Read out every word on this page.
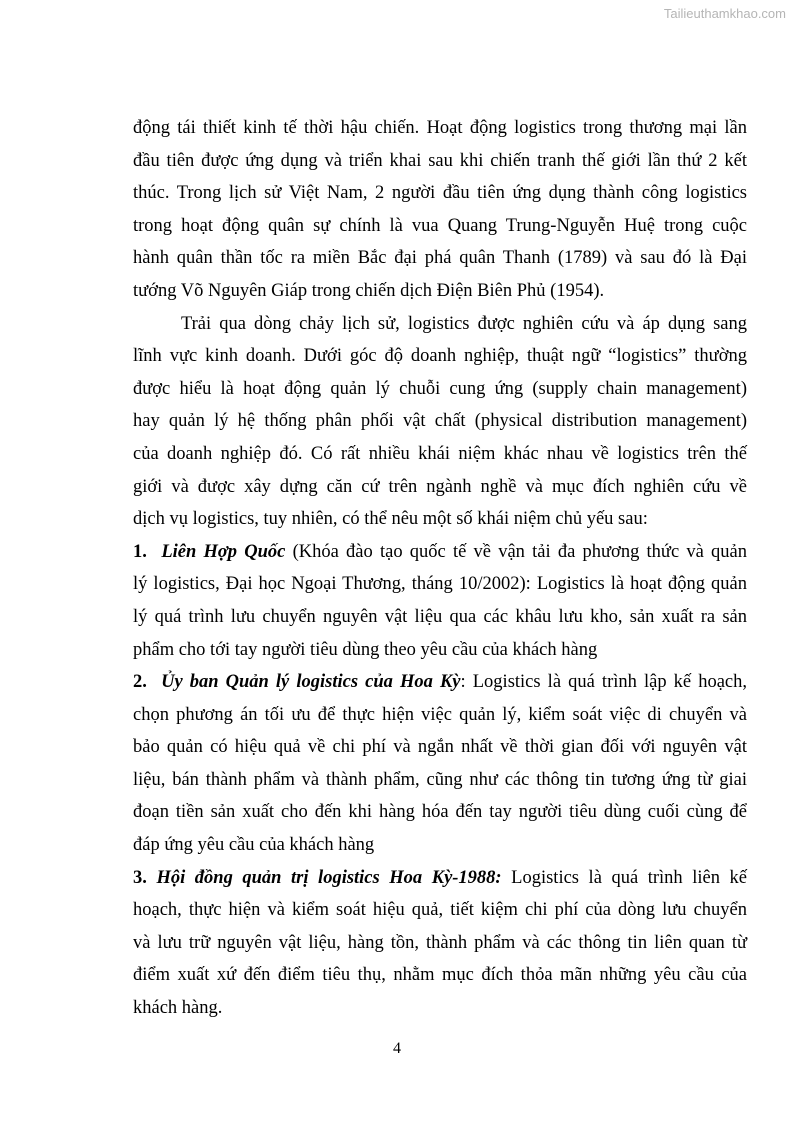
Tailieuthamkhao.com
động tái thiết kinh tế thời hậu chiến. Hoạt động logistics trong thương mại lần
đầu tiên được ứng dụng và triển khai sau khi chiến tranh thế giới lần thứ 2 kết
thúc. Trong lịch sử Việt Nam, 2 người đầu tiên ứng dụng thành công logistics
trong hoạt động quân sự chính là vua Quang Trung-Nguyễn Huệ trong cuộc
hành quân thần tốc ra miền Bắc đại phá quân Thanh (1789) và sau đó là Đại
tướng Võ Nguyên Giáp trong chiến dịch Điện Biên Phủ (1954).
Trải qua dòng chảy lịch sử, logistics được nghiên cứu và áp dụng sang
lĩnh vực kinh doanh. Dưới góc độ doanh nghiệp, thuật ngữ “logistics” thường
được hiểu là hoạt động quản lý chuỗi cung ứng (supply chain management)
hay quản lý hệ thống phân phối vật chất (physical distribution management)
của doanh nghiệp đó. Có rất nhiều khái niệm khác nhau về logistics trên thế
giới và được xây dựng căn cứ trên ngành nghề và mục đích nghiên cứu về
dịch vụ logistics, tuy nhiên, có thể nêu một số khái niệm chủ yếu sau:
1. Liên Hợp Quốc (Khóa đào tạo quốc tế về vận tải đa phương thức và quản
lý logistics, Đại học Ngoại Thương, tháng 10/2002): Logistics là hoạt động quản
lý quá trình lưu chuyển nguyên vật liệu qua các khâu lưu kho, sản xuất ra sản
phẩm cho tới tay người tiêu dùng theo yêu cầu của khách hàng
2. Ủy ban Quản lý logistics của Hoa Kỳ: Logistics là quá trình lập kế hoạch,
chọn phương án tối ưu để thực hiện việc quản lý, kiểm soát việc di chuyển và
bảo quản có hiệu quả về chi phí và ngắn nhất về thời gian đối với nguyên vật
liệu, bán thành phẩm và thành phẩm, cũng như các thông tin tương ứng từ giai
đoạn tiền sản xuất cho đến khi hàng hóa đến tay người tiêu dùng cuối cùng để
đáp ứng yêu cầu của khách hàng
3. Hội đồng quản trị logistics Hoa Kỳ-1988: Logistics là quá trình liên kế
hoạch, thực hiện và kiểm soát hiệu quả, tiết kiệm chi phí của dòng lưu chuyển
và lưu trữ nguyên vật liệu, hàng tồn, thành phẩm và các thông tin liên quan từ
điểm xuất xứ đến điểm tiêu thụ, nhằm mục đích thỏa mãn những yêu cầu của
khách hàng.
4
